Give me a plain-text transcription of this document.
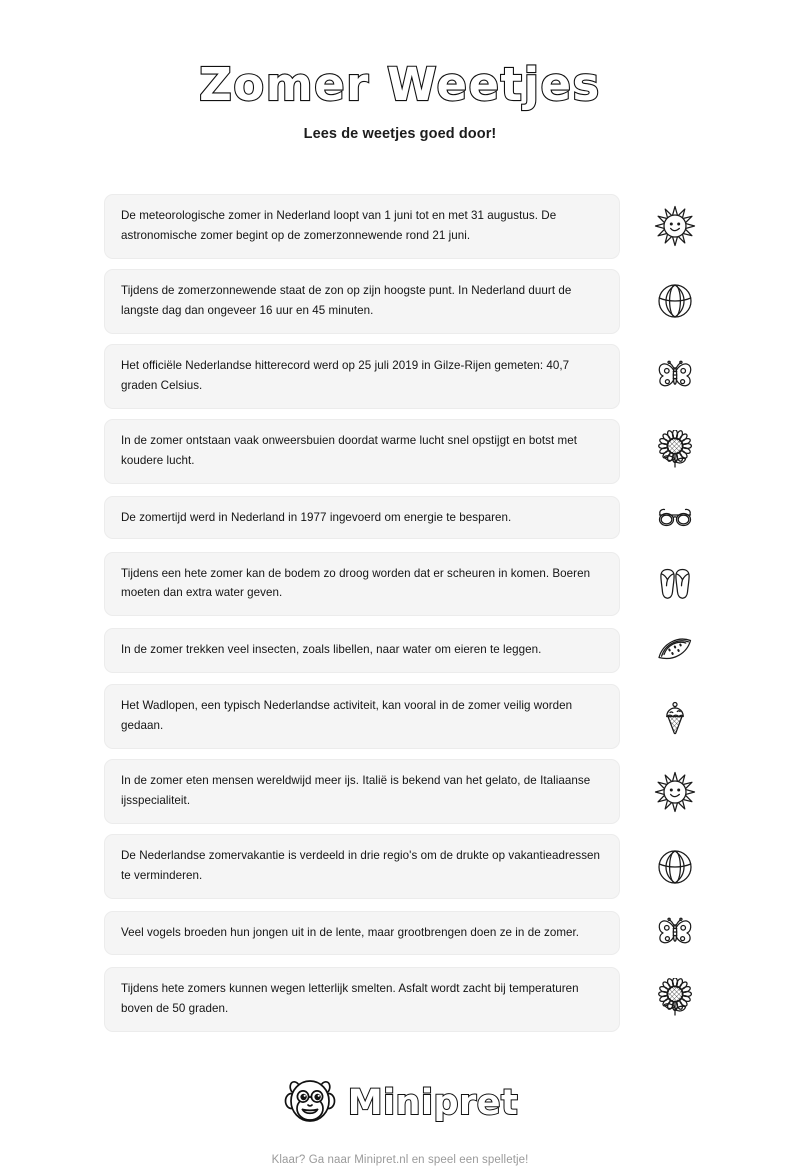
Zomer Weetjes
Lees de weetjes goed door!
De meteorologische zomer in Nederland loopt van 1 juni tot en met 31 augustus. De astronomische zomer begint op de zomerzonnewende rond 21 juni.
Tijdens de zomerzonnewende staat de zon op zijn hoogste punt. In Nederland duurt de langste dag dan ongeveer 16 uur en 45 minuten.
Het officiële Nederlandse hitterecord werd op 25 juli 2019 in Gilze-Rijen gemeten: 40,7 graden Celsius.
In de zomer ontstaan vaak onweersbuien doordat warme lucht snel opstijgt en botst met koudere lucht.
De zomertijd werd in Nederland in 1977 ingevoerd om energie te besparen.
Tijdens een hete zomer kan de bodem zo droog worden dat er scheuren in komen. Boeren moeten dan extra water geven.
In de zomer trekken veel insecten, zoals libellen, naar water om eieren te leggen.
Het Wadlopen, een typisch Nederlandse activiteit, kan vooral in de zomer veilig worden gedaan.
In de zomer eten mensen wereldwijd meer ijs. Italië is bekend van het gelato, de Italiaanse ijsspecialiteit.
De Nederlandse zomervakantie is verdeeld in drie regio's om de drukte op vakantieadressen te verminderen.
Veel vogels broeden hun jongen uit in de lente, maar grootbrengen doen ze in de zomer.
Tijdens hete zomers kunnen wegen letterlijk smelten. Asfalt wordt zacht bij temperaturen boven de 50 graden.
Minipret
Klaar? Ga naar Minipret.nl en speel een spelletje!
